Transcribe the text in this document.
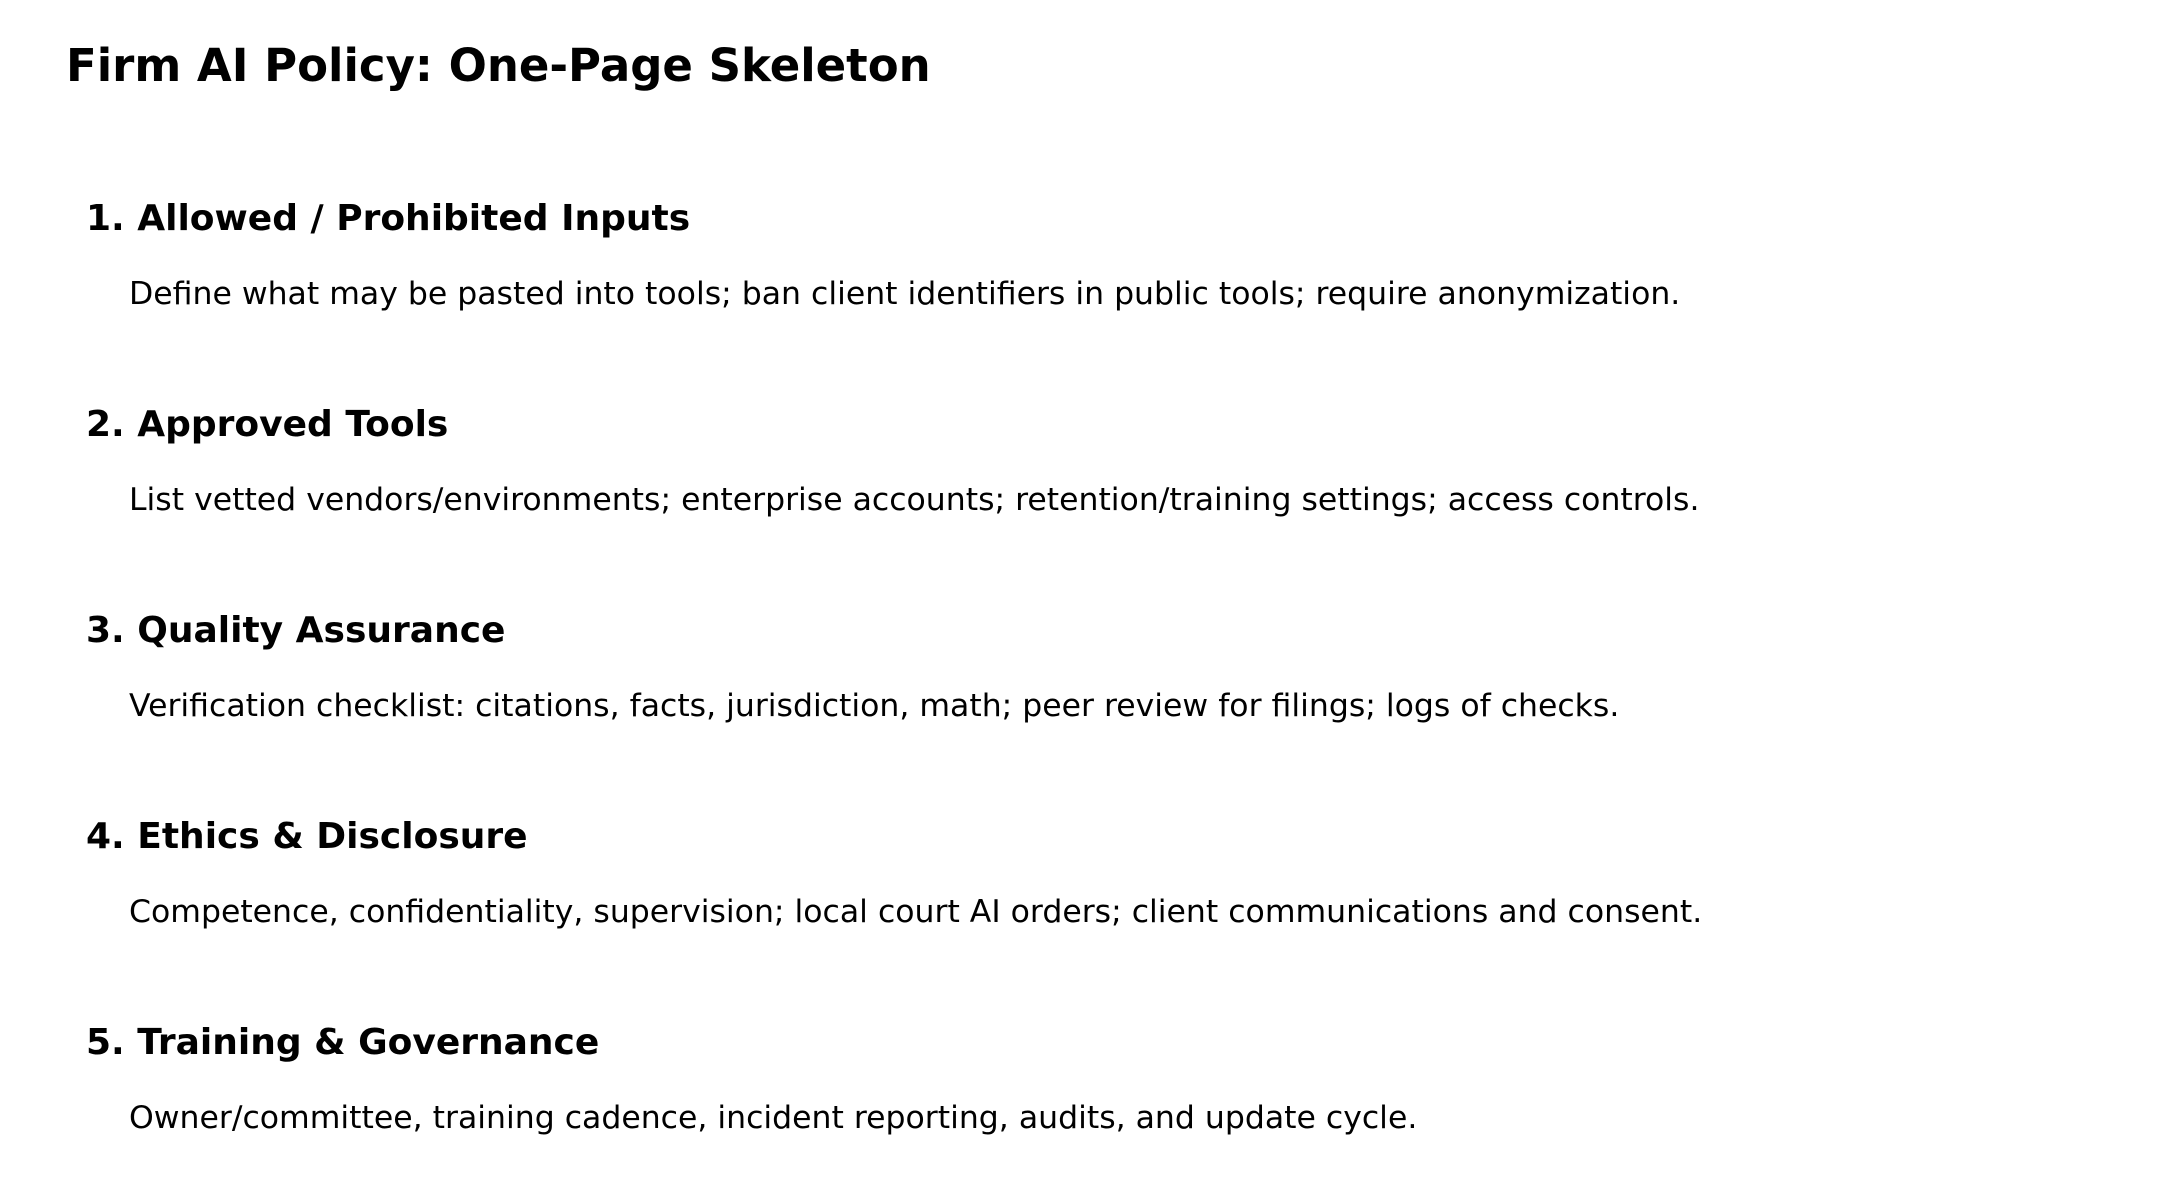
Firm AI Policy: One-Page Skeleton
1. Allowed / Prohibited Inputs

Define what may be pasted into tools; ban client identifiers in public tools; require anonymization.

2. Approved Tools

List vetted vendors/environments; enterprise accounts; retention/training settings; access controls.

3. Quality Assurance

Verification checklist: citations, facts, jurisdiction, math; peer review for filings; logs of checks.

4. Ethics & Disclosure

Competence, confidentiality, supervision; local court AI orders; client communications and consent.

5. Training & Governance

Owner/committee, training cadence, incident reporting, audits, and update cycle.
